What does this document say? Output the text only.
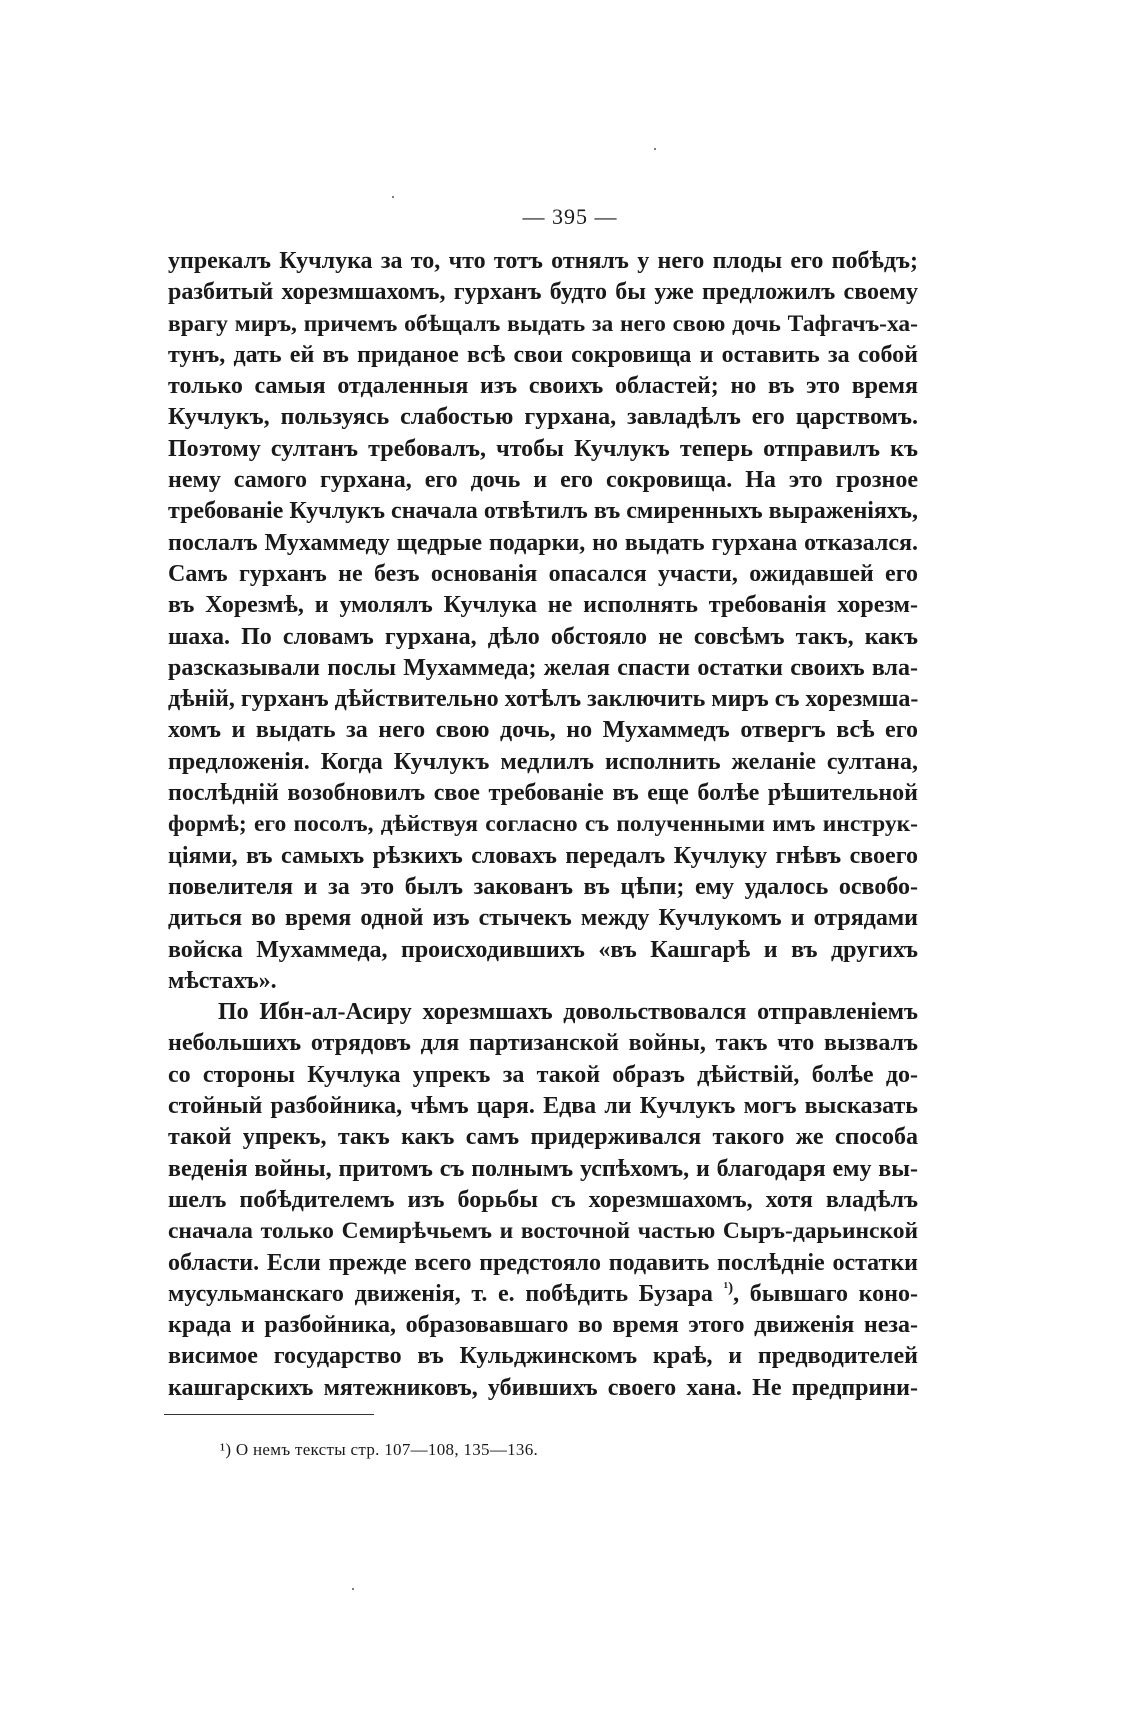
— 395 —
упрекалъ Кучлука за то, что тотъ отнялъ у него плоды его побѣдъ;
разбитый хорезмшахомъ, гурханъ будто бы уже предложилъ своему
врагу миръ, причемъ обѣщалъ выдать за него свою дочь Тафгачъ-ха-
тунъ, дать ей въ приданое всѣ свои сокровища и оставить за собой
только самыя отдаленныя изъ своихъ областей; но въ это время
Кучлукъ, пользуясь слабостью гурхана, завладѣлъ его царствомъ.
Поэтому султанъ требовалъ, чтобы Кучлукъ теперь отправилъ къ
нему самого гурхана, его дочь и его сокровища. На это грозное
требованіе Кучлукъ сначала отвѣтилъ въ смиренныхъ выраженіяхъ,
послалъ Мухаммеду щедрые подарки, но выдать гурхана отказался.
Самъ гурханъ не безъ основанія опасался участи, ожидавшей его
въ Хорезмѣ, и умолялъ Кучлука не исполнять требованія хорезм-
шаха. По словамъ гурхана, дѣло обстояло не совсѣмъ такъ, какъ
разсказывали послы Мухаммеда; желая спасти остатки своихъ вла-
дѣній, гурханъ дѣйствительно хотѣлъ заключить миръ съ хорезмша-
хомъ и выдать за него свою дочь, но Мухаммедъ отвергъ всѣ его
предложенія. Когда Кучлукъ медлилъ исполнить желаніе султана,
послѣдній возобновилъ свое требованіе въ еще болѣе рѣшительной
формѣ; его посолъ, дѣйствуя согласно съ полученными имъ инструк-
ціями, въ самыхъ рѣзкихъ словахъ передалъ Кучлуку гнѣвъ своего
повелителя и за это былъ закованъ въ цѣпи; ему удалось освобо-
диться во время одной изъ стычекъ между Кучлукомъ и отрядами
войска Мухаммеда, происходившихъ «въ Кашгарѣ и въ другихъ
мѣстахъ».
По Ибн-ал-Асиру хорезмшахъ довольствовался отправленіемъ
небольшихъ отрядовъ для партизанской войны, такъ что вызвалъ
со стороны Кучлука упрекъ за такой образъ дѣйствій, болѣе до-
стойный разбойника, чѣмъ царя. Едва ли Кучлукъ могъ высказать
такой упрекъ, такъ какъ самъ придерживался такого же способа
веденія войны, притомъ съ полнымъ успѣхомъ, и благодаря ему вы-
шелъ побѣдителемъ изъ борьбы съ хорезмшахомъ, хотя владѣлъ
сначала только Семирѣчьемъ и восточной частью Сыръ-дарьинской
области. Если прежде всего предстояло подавить послѣдніе остатки
мусульманскаго движенія, т. е. побѣдить Бузара $^{^1)}$, бывшаго коно-
крада и разбойника, образовавшаго во время этого движенія неза-
висимое государство въ Кульджинскомъ краѣ, и предводителей
кашгарскихъ мятежниковъ, убившихъ своего хана. Не предприни-
¹) О немъ тексты стр. 107—108, 135—136.
